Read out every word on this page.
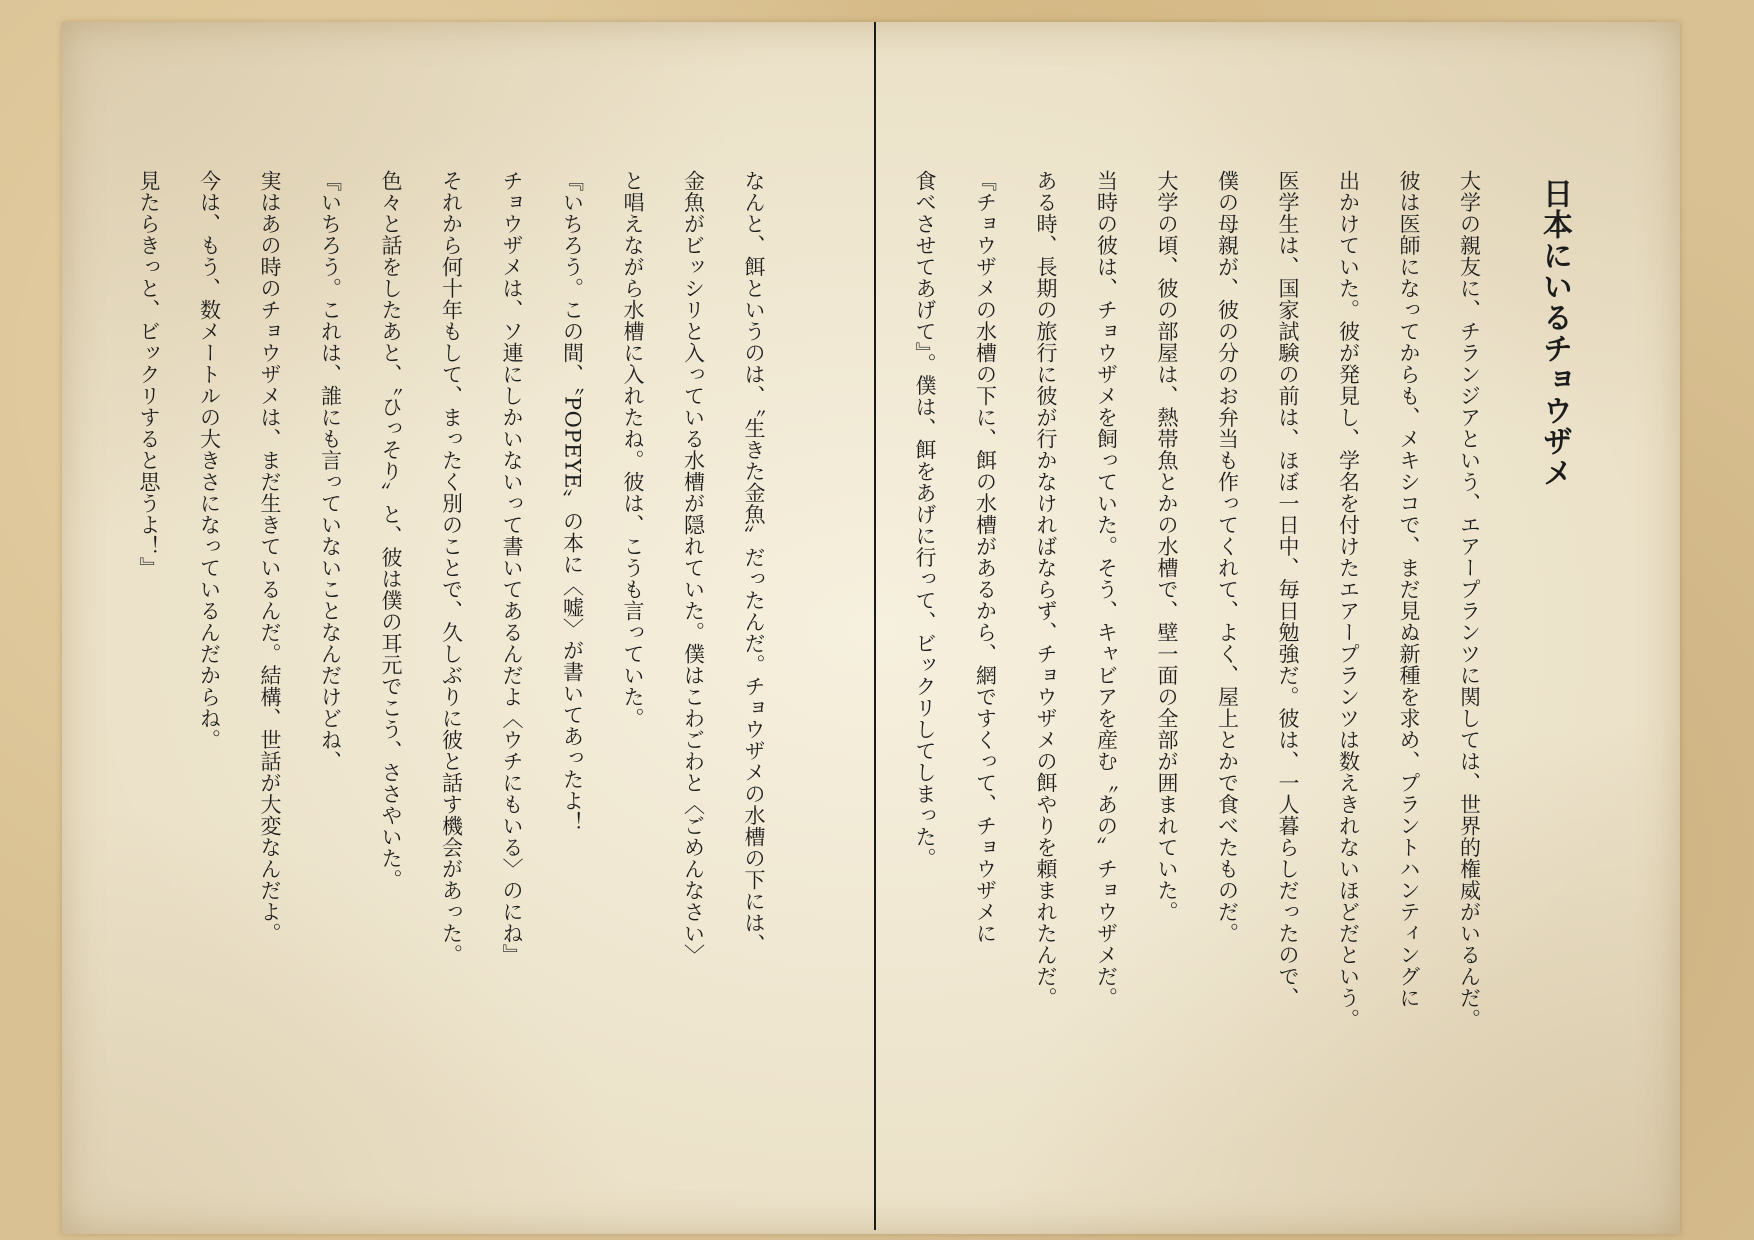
日本にいるチョウザメ
大学の親友に、チランジアという、エアープランツに関しては、世界的権威がいるんだ。
彼は医師になってからも、メキシコで、まだ見ぬ新種を求め、プラントハンティングに
出かけていた。彼が発見し、学名を付けたエアープランツは数えきれないほどだという。
医学生は、国家試験の前は、ほぼ一日中、毎日勉強だ。彼は、一人暮らしだったので、
僕の母親が、彼の分のお弁当も作ってくれて、よく、屋上とかで食べたものだ。
大学の頃、彼の部屋は、熱帯魚とかの水槽で、壁一面の全部が囲まれていた。
当時の彼は、チョウザメを飼っていた。そう、キャビアを産む〝あの〟チョウザメだ。
ある時、長期の旅行に彼が行かなければならず、チョウザメの餌やりを頼まれたんだ。
『チョウザメの水槽の下に、餌の水槽があるから、網ですくって、チョウザメに
食べさせてあげて』。僕は、餌をあげに行って、ビックリしてしまった。
なんと、餌というのは、〝生きた金魚〟だったんだ。チョウザメの水槽の下には、
金魚がビッシリと入っている水槽が隠れていた。僕はこわごわと〈ごめんなさい〉
と唱えながら水槽に入れたね。彼は、こうも言っていた。
『いちろう。この間、〝POPEYE〟の本に〈嘘〉が書いてあったよ！
チョウザメは、ソ連にしかいないって書いてあるんだよ〈ウチにもいる〉のにね』
それから何十年もして、まったく別のことで、久しぶりに彼と話す機会があった。
色々と話をしたあと、〝ひっそり〟と、彼は僕の耳元でこう、ささやいた。
『いちろう。これは、誰にも言っていないことなんだけどね、
実はあの時のチョウザメは、まだ生きているんだ。結構、世話が大変なんだよ。
今は、もう、数メートルの大きさになっているんだからね。
見たらきっと、ビックリすると思うよ！』
